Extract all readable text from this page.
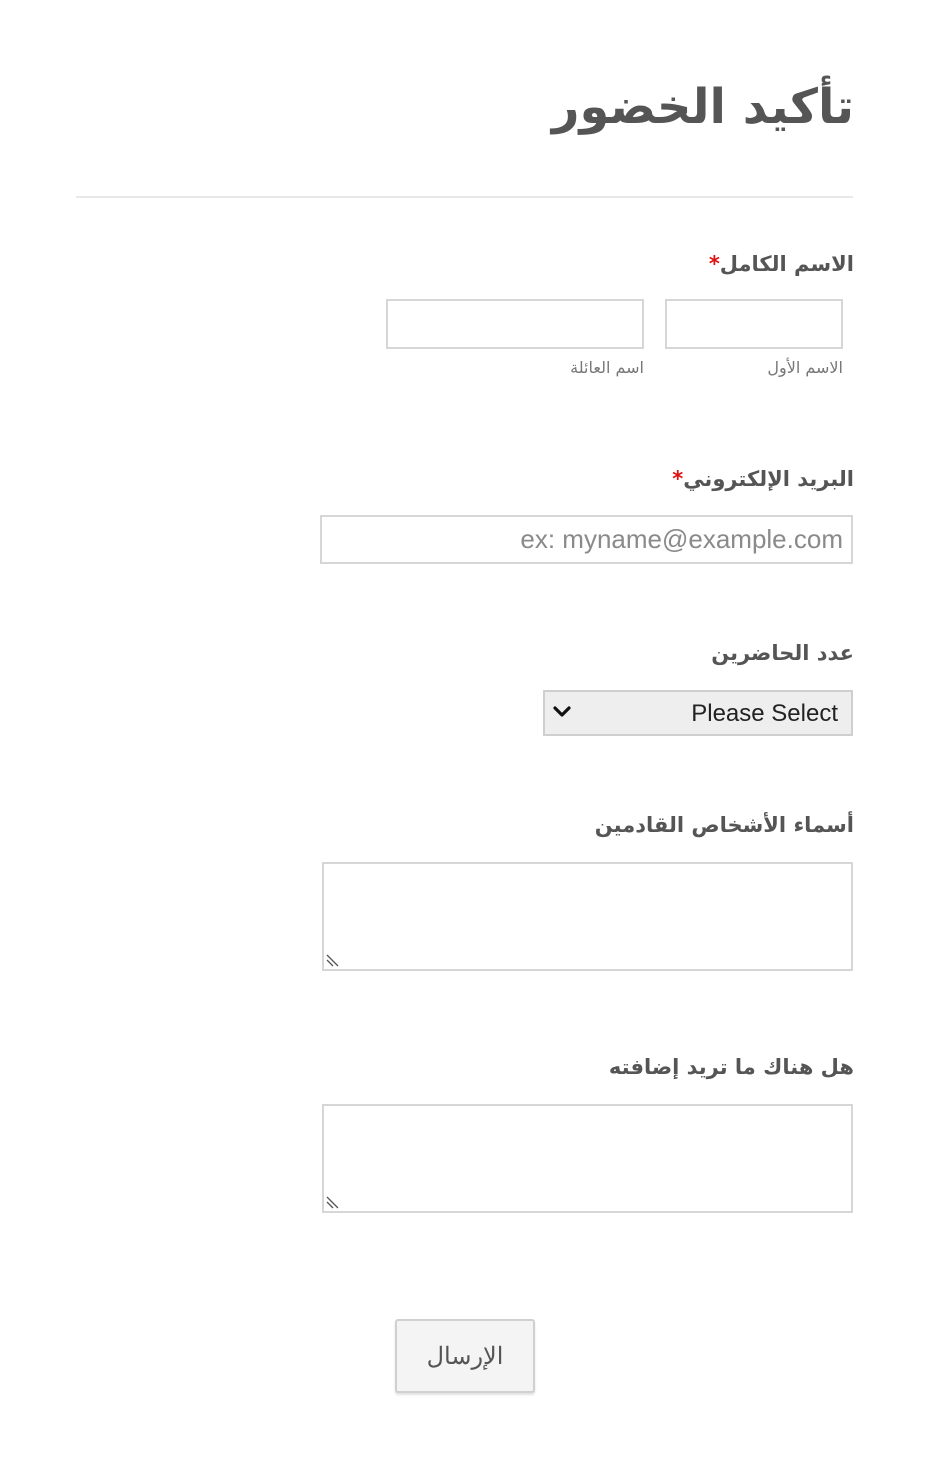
تأكيد الخضور
الاسم الكامل*
الاسم الأول
اسم العائلة
البريد الإلكتروني*
ex: myname@example.com
عدد الحاضرين
Please Select
أسماء الأشخاص القادمين
هل هناك ما تريد إضافته
الإرسال
